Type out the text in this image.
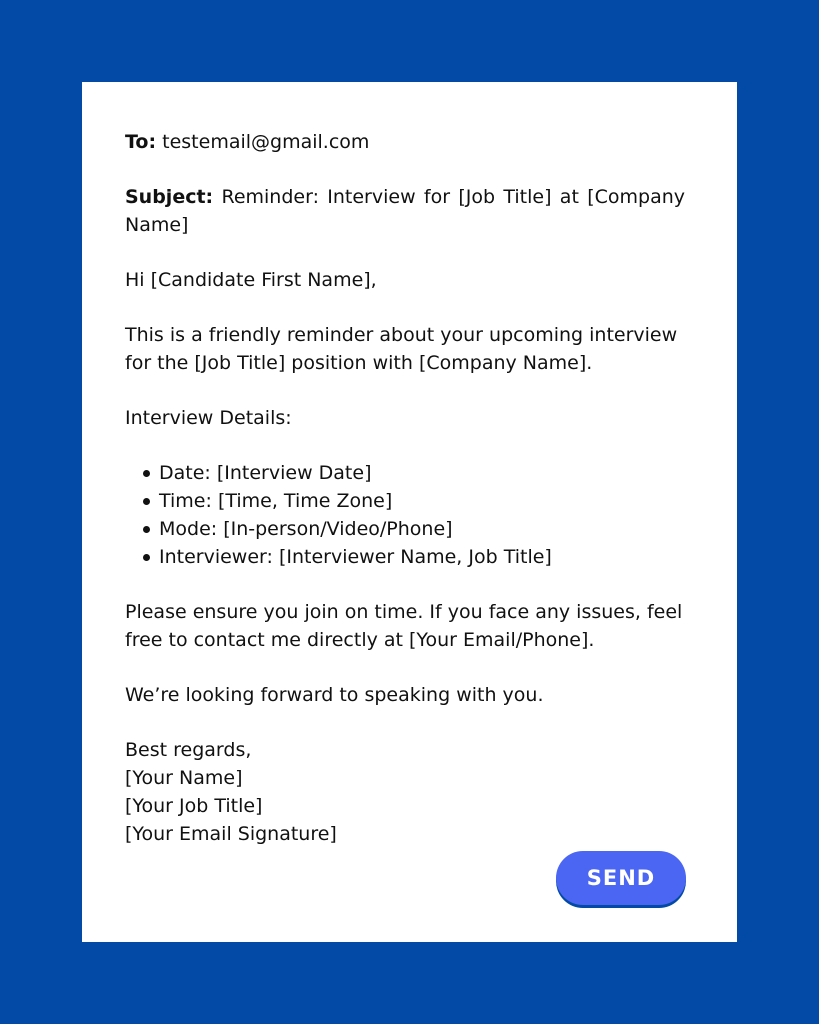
To: testemail@gmail.com

Subject: Reminder: Interview for [Job Title] at [Company Name]

Hi [Candidate First Name],

This is a friendly reminder about your upcoming interview for the [Job Title] position with [Company Name].

Interview Details:

Date: [Interview Date]
Time: [Time, Time Zone]
Mode: [In-person/Video/Phone]
Interviewer: [Interviewer Name, Job Title]

Please ensure you join on time. If you face any issues, feel free to contact me directly at [Your Email/Phone].

We’re looking forward to speaking with you.

Best regards,
[Your Name]
[Your Job Title]
[Your Email Signature]

SEND
